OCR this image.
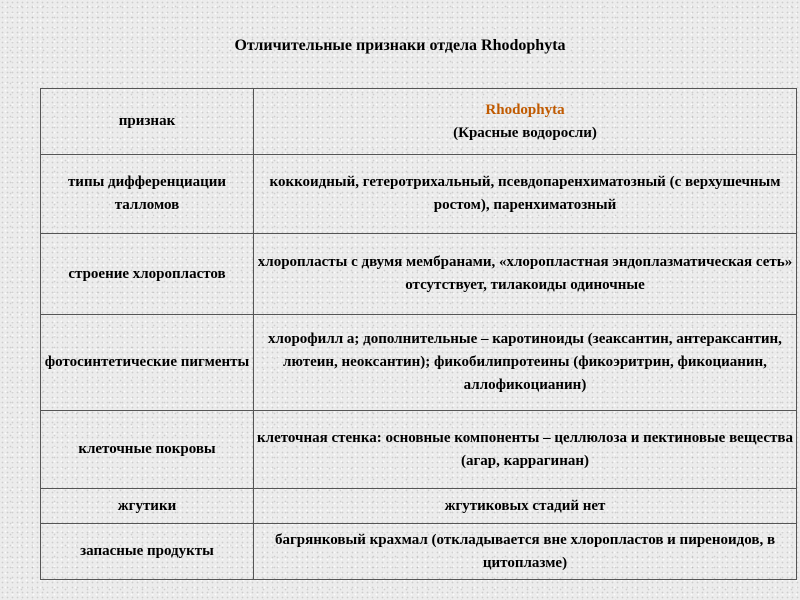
Отличительные признаки отдела Rhodophyta
признак	Rhodophyta
(Красные водоросли)

типы дифференциации талломов	коккоидный, гетеротрихальный, псевдопаренхиматозный (с верхушечным ростом), паренхиматозный
строение хлоропластов	хлоропласты с двумя мембранами, «хлоропластная эндоплазматическая сеть» отсутствует, тилакоиды одиночные
фотосинтетические пигменты	хлорофилл а; дополнительные – каротиноиды (зеаксантин, антераксантин, лютеин, неоксантин); фикобилипротеины (фикоэритрин, фикоцианин, аллофикоцианин)
клеточные покровы	клеточная стенка: основные компоненты – целлюлоза и пектиновые вещества (агар, каррагинан)
жгутики	жгутиковых стадий нет
запасные продукты	багрянковый крахмал (откладывается вне хлоропластов и пиреноидов, в цитоплазме)
